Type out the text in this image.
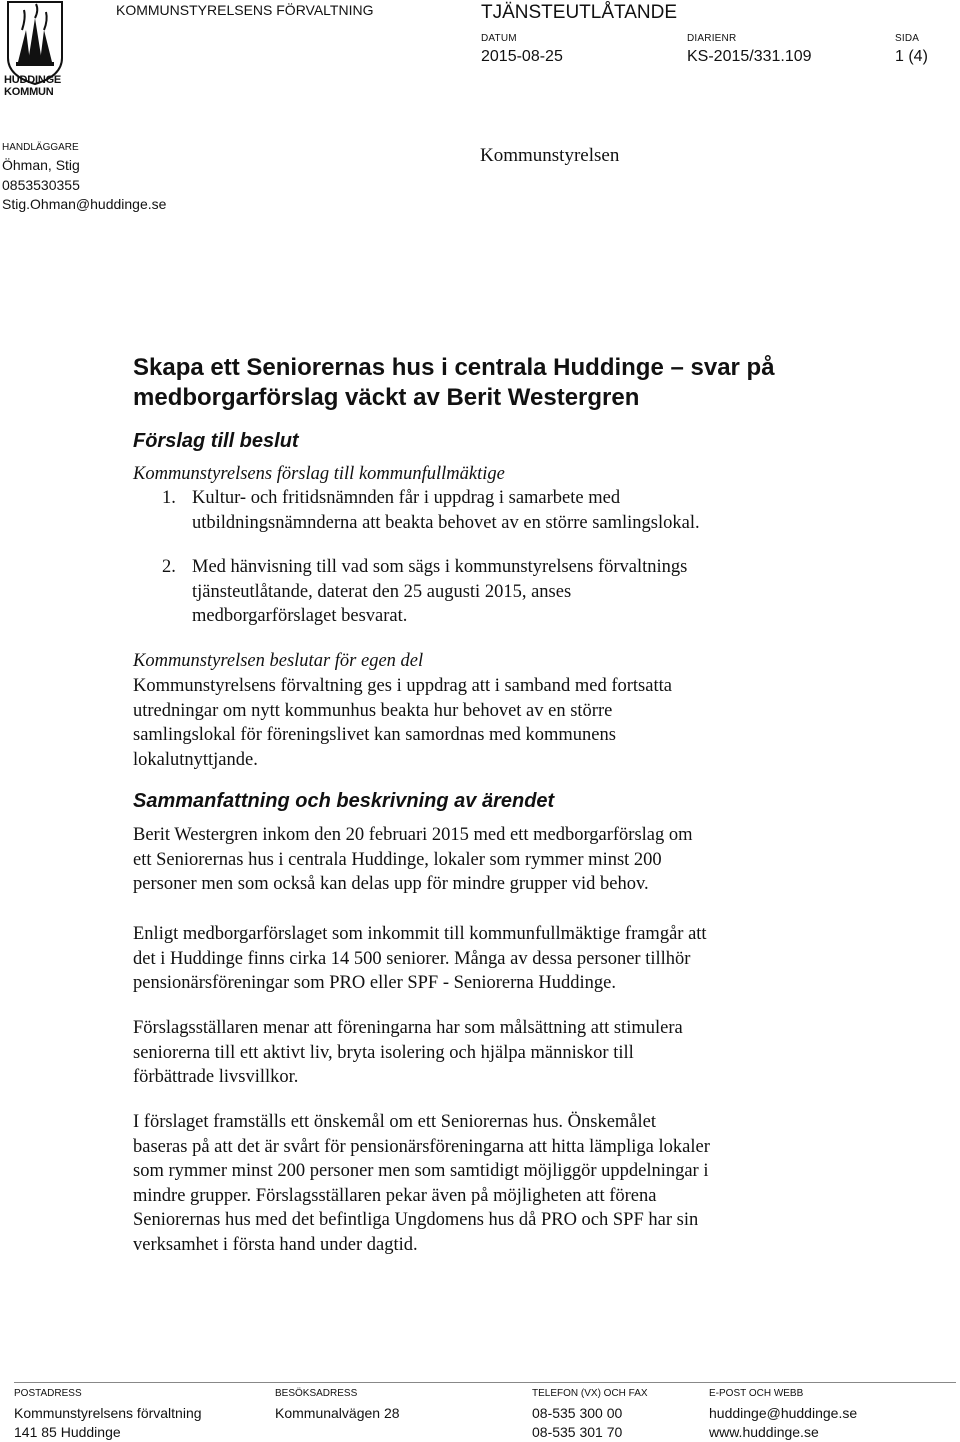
HUDDINGE
KOMMUN
KOMMUNSTYRELSENS FÖRVALTNING	TJÄNSTEUTLÅTANDE
DATUM
2015-08-25
DIARIENR
KS-2015/331.109
SIDA
1 (4)
HANDLÄGGARE
Öhman, Stig
0853530355
Stig.Ohman@huddinge.se
Kommunstyrelsen
Skapa ett Seniorernas hus i centrala Huddinge – svar på medborgarförslag väckt av Berit Westergren
Förslag till beslut
Kommunstyrelsens förslag till kommunfullmäktige
1. Kultur- och fritidsnämnden får i uppdrag i samarbete med
utbildningsnämnderna att beakta behovet av en större samlingslokal.
2. Med hänvisning till vad som sägs i kommunstyrelsens förvaltnings
tjänsteutlåtande, daterat den 25 augusti 2015, anses
medborgarförslaget besvarat.
Kommunstyrelsen beslutar för egen del
Kommunstyrelsens förvaltning ges i uppdrag att i samband med fortsatta
utredningar om nytt kommunhus beakta hur behovet av en större
samlingslokal för föreningslivet kan samordnas med kommunens
lokalutnyttjande.
Sammanfattning och beskrivning av ärendet
Berit Westergren inkom den 20 februari 2015 med ett medborgarförslag om
ett Seniorernas hus i centrala Huddinge, lokaler som rymmer minst 200
personer men som också kan delas upp för mindre grupper vid behov.
Enligt medborgarförslaget som inkommit till kommunfullmäktige framgår att
det i Huddinge finns cirka 14 500 seniorer. Många av dessa personer tillhör
pensionärsföreningar som PRO eller SPF - Seniorerna Huddinge.
Förslagsställaren menar att föreningarna har som målsättning att stimulera
seniorerna till ett aktivt liv, bryta isolering och hjälpa människor till
förbättrade livsvillkor.
I förslaget framställs ett önskemål om ett Seniorernas hus. Önskemålet
baseras på att det är svårt för pensionärsföreningarna att hitta lämpliga lokaler
som rymmer minst 200 personer men som samtidigt möjliggör uppdelningar i
mindre grupper. Förslagsställaren pekar även på möjligheten att förena
Seniorernas hus med det befintliga Ungdomens hus då PRO och SPF har sin
verksamhet i första hand under dagtid.
POSTADRESS
Kommunstyrelsens förvaltning
141 85 Huddinge
BESÖKSADRESS
Kommunalvägen 28
TELEFON (VX) OCH FAX
08-535 300 00
08-535 301 70
E-POST OCH WEBB
huddinge@huddinge.se
www.huddinge.se
